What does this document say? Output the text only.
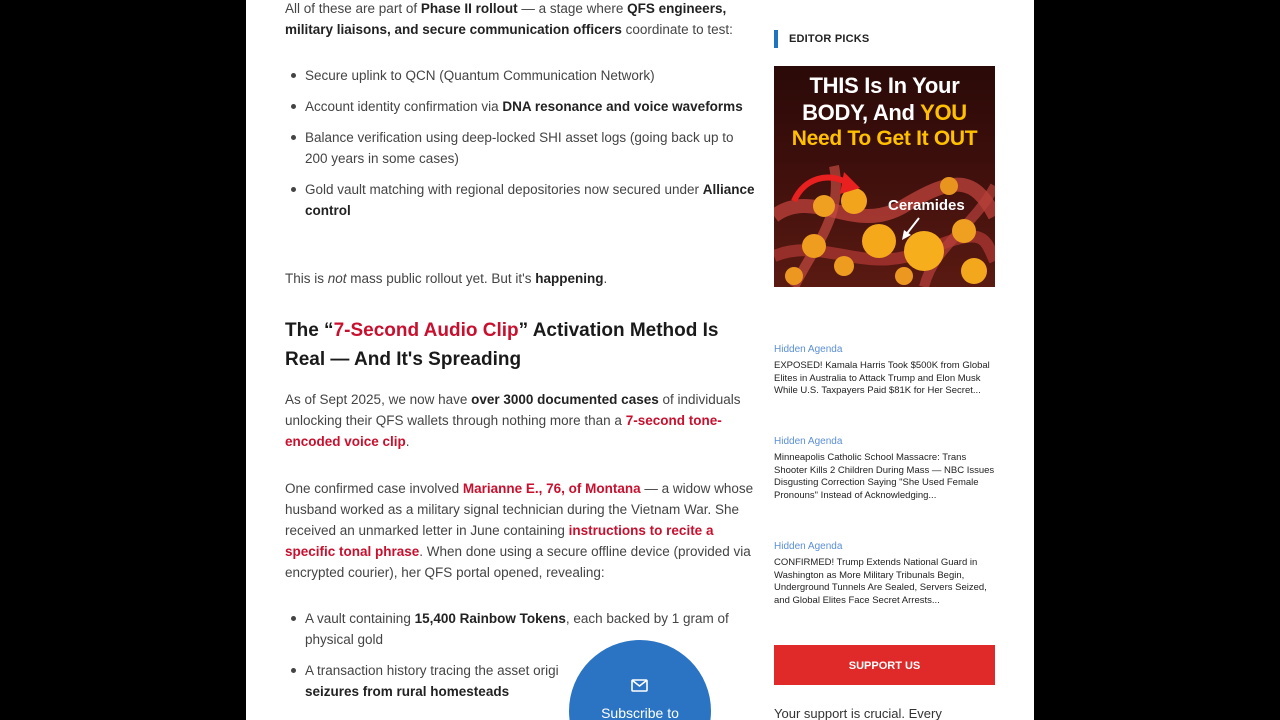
All of these are part of Phase II rollout — a stage where QFS engineers, military liaisons, and secure communication officers coordinate to test:

Secure uplink to QCN (Quantum Communication Network)
Account identity confirmation via DNA resonance and voice waveforms
Balance verification using deep-locked SHI asset logs (going back up to 200 years in some cases)
Gold vault matching with regional depositories now secured under Alliance control

This is not mass public rollout yet. But it's happening.

The “7-Second Audio Clip” Activation Method Is Real — And It's Spreading

As of Sept 2025, we now have over 3000 documented cases of individuals unlocking their QFS wallets through nothing more than a 7-second tone-encoded voice clip.

One confirmed case involved Marianne E., 76, of Montana — a widow whose husband worked as a military signal technician during the Vietnam War. She received an unmarked letter in June containing instructions to recite a specific tonal phrase. When done using a secure offline device (provided via encrypted courier), her QFS portal opened, revealing:

A vault containing 15,400 Rainbow Tokens, each backed by 1 gram of physical gold
A transaction history tracing the asset origi
seizures from rural homesteads
EDITOR PICKS
THIS Is In Your
BODY, And YOU
Need To Get It OUT
Ceramides
Hidden Agenda
EXPOSED! Kamala Harris Took $500K from Global Elites in Australia to Attack Trump and Elon Musk While U.S. Taxpayers Paid $81K for Her Secret...
Hidden Agenda
Minneapolis Catholic School Massacre: Trans Shooter Kills 2 Children During Mass — NBC Issues Disgusting Correction Saying "She Used Female Pronouns" Instead of Acknowledging...
Hidden Agenda
CONFIRMED! Trump Extends National Guard in Washington as More Military Tribunals Begin, Underground Tunnels Are Sealed, Servers Seized, and Global Elites Face Secret Arrests...
SUPPORT US
Your support is crucial. Every
Subscribe to
